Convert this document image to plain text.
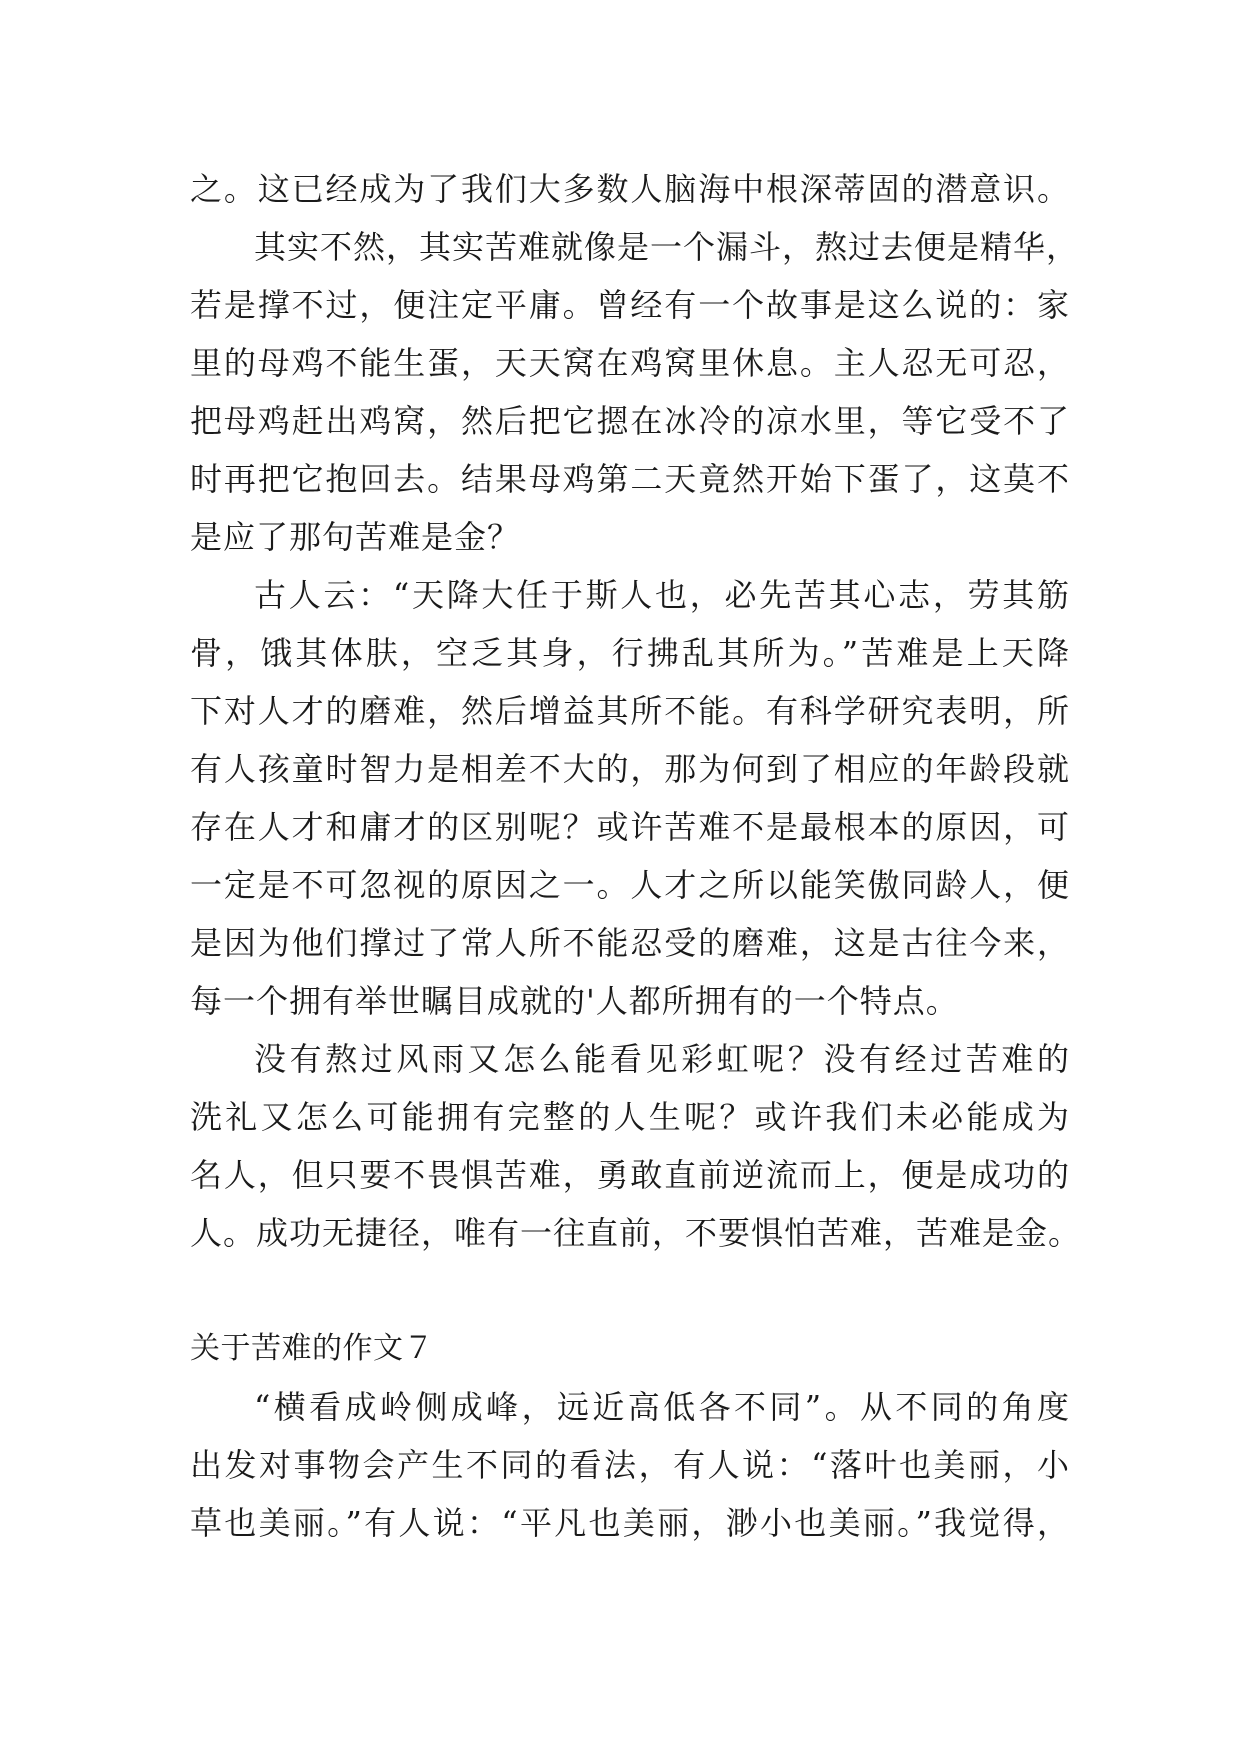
之。这已经成为了我们大多数人脑海中根深蒂固的潜意识。
其实不然，其实苦难就像是一个漏斗，熬过去便是精华，
若是撑不过，便注定平庸。曾经有一个故事是这么说的：家
里的母鸡不能生蛋，天天窝在鸡窝里休息。主人忍无可忍，
把母鸡赶出鸡窝，然后把它摁在冰冷的凉水里，等它受不了
时再把它抱回去。结果母鸡第二天竟然开始下蛋了，这莫不
是应了那句苦难是金？
古人云：“天降大任于斯人也，必先苦其心志，劳其筋
骨，饿其体肤，空乏其身，行拂乱其所为。”苦难是上天降
下对人才的磨难，然后增益其所不能。有科学研究表明，所
有人孩童时智力是相差不大的，那为何到了相应的年龄段就
存在人才和庸才的区别呢？或许苦难不是最根本的原因，可
一定是不可忽视的原因之一。人才之所以能笑傲同龄人，便
是因为他们撑过了常人所不能忍受的磨难，这是古往今来，
每一个拥有举世瞩目成就的'人都所拥有的一个特点。
没有熬过风雨又怎么能看见彩虹呢？没有经过苦难的
洗礼又怎么可能拥有完整的人生呢？或许我们未必能成为
名人，但只要不畏惧苦难，勇敢直前逆流而上，便是成功的
人。成功无捷径，唯有一往直前，不要惧怕苦难，苦难是金。
关于苦难的作文７
“横看成岭侧成峰，远近高低各不同”。从不同的角度
出发对事物会产生不同的看法，有人说：“落叶也美丽，小
草也美丽。”有人说：“平凡也美丽，渺小也美丽。”我觉得，
